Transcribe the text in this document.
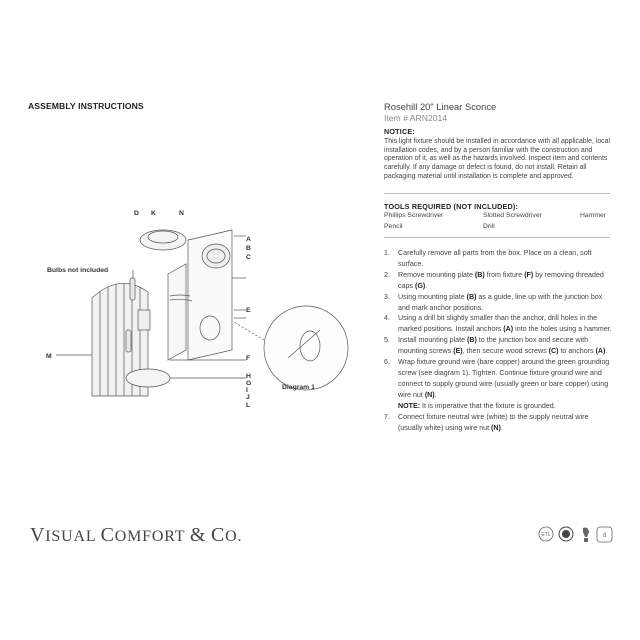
ASSEMBLY INSTRUCTIONS	Rosehill 20" Linear Sconce
Item # ARN2014
NOTICE:
This light fixture should be installed in accordance with all applicable, local installation codes, and by a person familiar with the construction and operation of it, as well as the hazards involved. Inspect item and contents carefully. If any damage or defect is found, do not install. Retain all packaging material until installation is complete and approved.
TOOLS REQUIRED (NOT INCLUDED):
Phillips Screwdriver	Slotted Screwdriver	Hammer
Pencil	Drill
1. Carefully remove all parts from the box. Place on a clean, soft surface.
2. Remove mounting plate (B) from fixture (F) by removing threaded caps (G).
3. Using mounting plate (B) as a guide, line up with the junction box and mark anchor positions.
4. Using a drill bit slightly smaller than the anchor, drill holes in the marked positions. Install anchors (A) into the holes using a hammer.
5. Install mounting plate (B) to the junction box and secure with mounting screws (E), then secure wood screws (C) to anchors (A).
6. Wrap fixture ground wire (bare copper) around the green grounding screw (see diagram 1). Tighten. Continue fixture ground wire and connect to supply ground wire (usually green or bare copper) using wire nut (N).
NOTE: It is imperative that the fixture is grounded.
7. Connect fixture neutral wire (white) to the supply neutral wire (usually white) using wire nut (N).
D K	N
A
B
C
E
F
H
G
I
J
L
M
Bulbs not included
Diagram 1
VISUAL COMFORT & CO.	ETL	d
